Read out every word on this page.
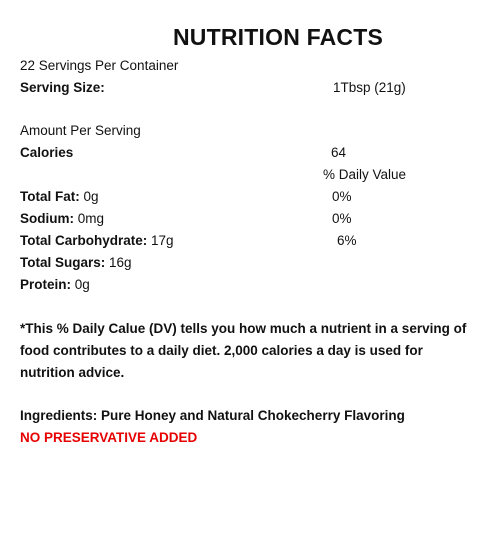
NUTRITION FACTS
22 Servings Per Container
Serving Size:	1Tbsp (21g)
Amount Per Serving
Calories	64
% Daily Value
Total Fat: 0g	0%
Sodium: 0mg	0%
Total Carbohydrate: 17g	6%
Total Sugars: 16g
Protein: 0g
*This % Daily Calue (DV) tells you how much a nutrient in a serving of food contributes to a daily diet. 2,000 calories a day is used for nutrition advice.
Ingredients: Pure Honey and Natural Chokecherry Flavoring
NO PRESERVATIVE ADDED
